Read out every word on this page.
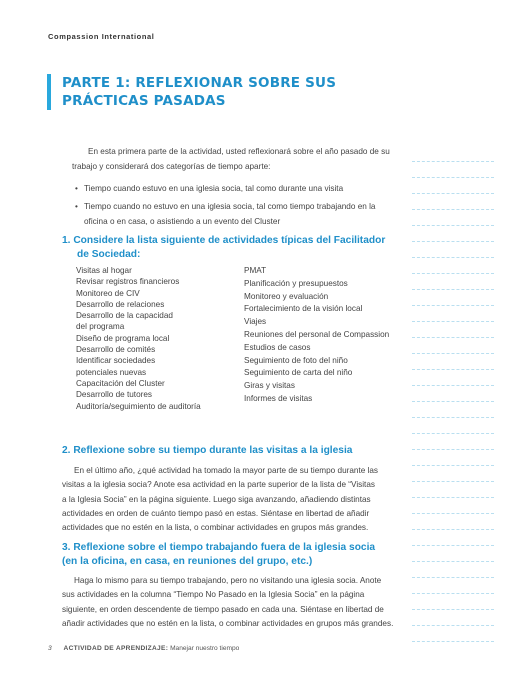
Compassion International
PARTE 1: REFLEXIONAR SOBRE SUS
PRÁCTICAS PASADAS

En esta primera parte de la actividad, usted reflexionará sobre el año pasado de su trabajo y considerará dos categorías de tiempo aparte:

• Tiempo cuando estuvo en una iglesia socia, tal como durante una visita
• Tiempo cuando no estuvo en una iglesia socia, tal como tiempo trabajando en la oficina o en casa, o asistiendo a un evento del Cluster
1. Considere la lista siguiente de actividades típicas del Facilitador
de Sociedad:
Visitas al hogar
Revisar registros financieros
Monitoreo de CIV
Desarrollo de relaciones
Desarrollo de la capacidad
del programa
Diseño de programa local
Desarrollo de comités
Identificar sociedades
potenciales nuevas
Capacitación del Cluster
Desarrollo de tutores
Auditoría/seguimiento de auditoría
PMAT
Planificación y presupuestos
Monitoreo y evaluación
Fortalecimiento de la visión local
Viajes
Reuniones del personal de Compassion
Estudios de casos
Seguimiento de foto del niño
Seguimiento de carta del niño
Giras y visitas
Informes de visitas
2. Reflexione sobre su tiempo durante las visitas a la iglesia
En el último año, ¿qué actividad ha tomado la mayor parte de su tiempo durante las
visitas a la iglesia socia? Anote esa actividad en la parte superior de la lista de “Visitas
a la Iglesia Socia” en la página siguiente. Luego siga avanzando, añadiendo distintas
actividades en orden de cuánto tiempo pasó en estas. Siéntase en libertad de añadir
actividades que no estén en la lista, o combinar actividades en grupos más grandes.
3. Reflexione sobre el tiempo trabajando fuera de la iglesia socia
(en la oficina, en casa, en reuniones del grupo, etc.)
Haga lo mismo para su tiempo trabajando, pero no visitando una iglesia socia. Anote
sus actividades en la columna “Tiempo No Pasado en la Iglesia Socia” en la página
siguiente, en orden descendente de tiempo pasado en cada una. Siéntase en libertad de
añadir actividades que no estén en la lista, o combinar actividades en grupos más grandes.
3 ACTIVIDAD DE APRENDIZAJE: Manejar nuestro tiempo
